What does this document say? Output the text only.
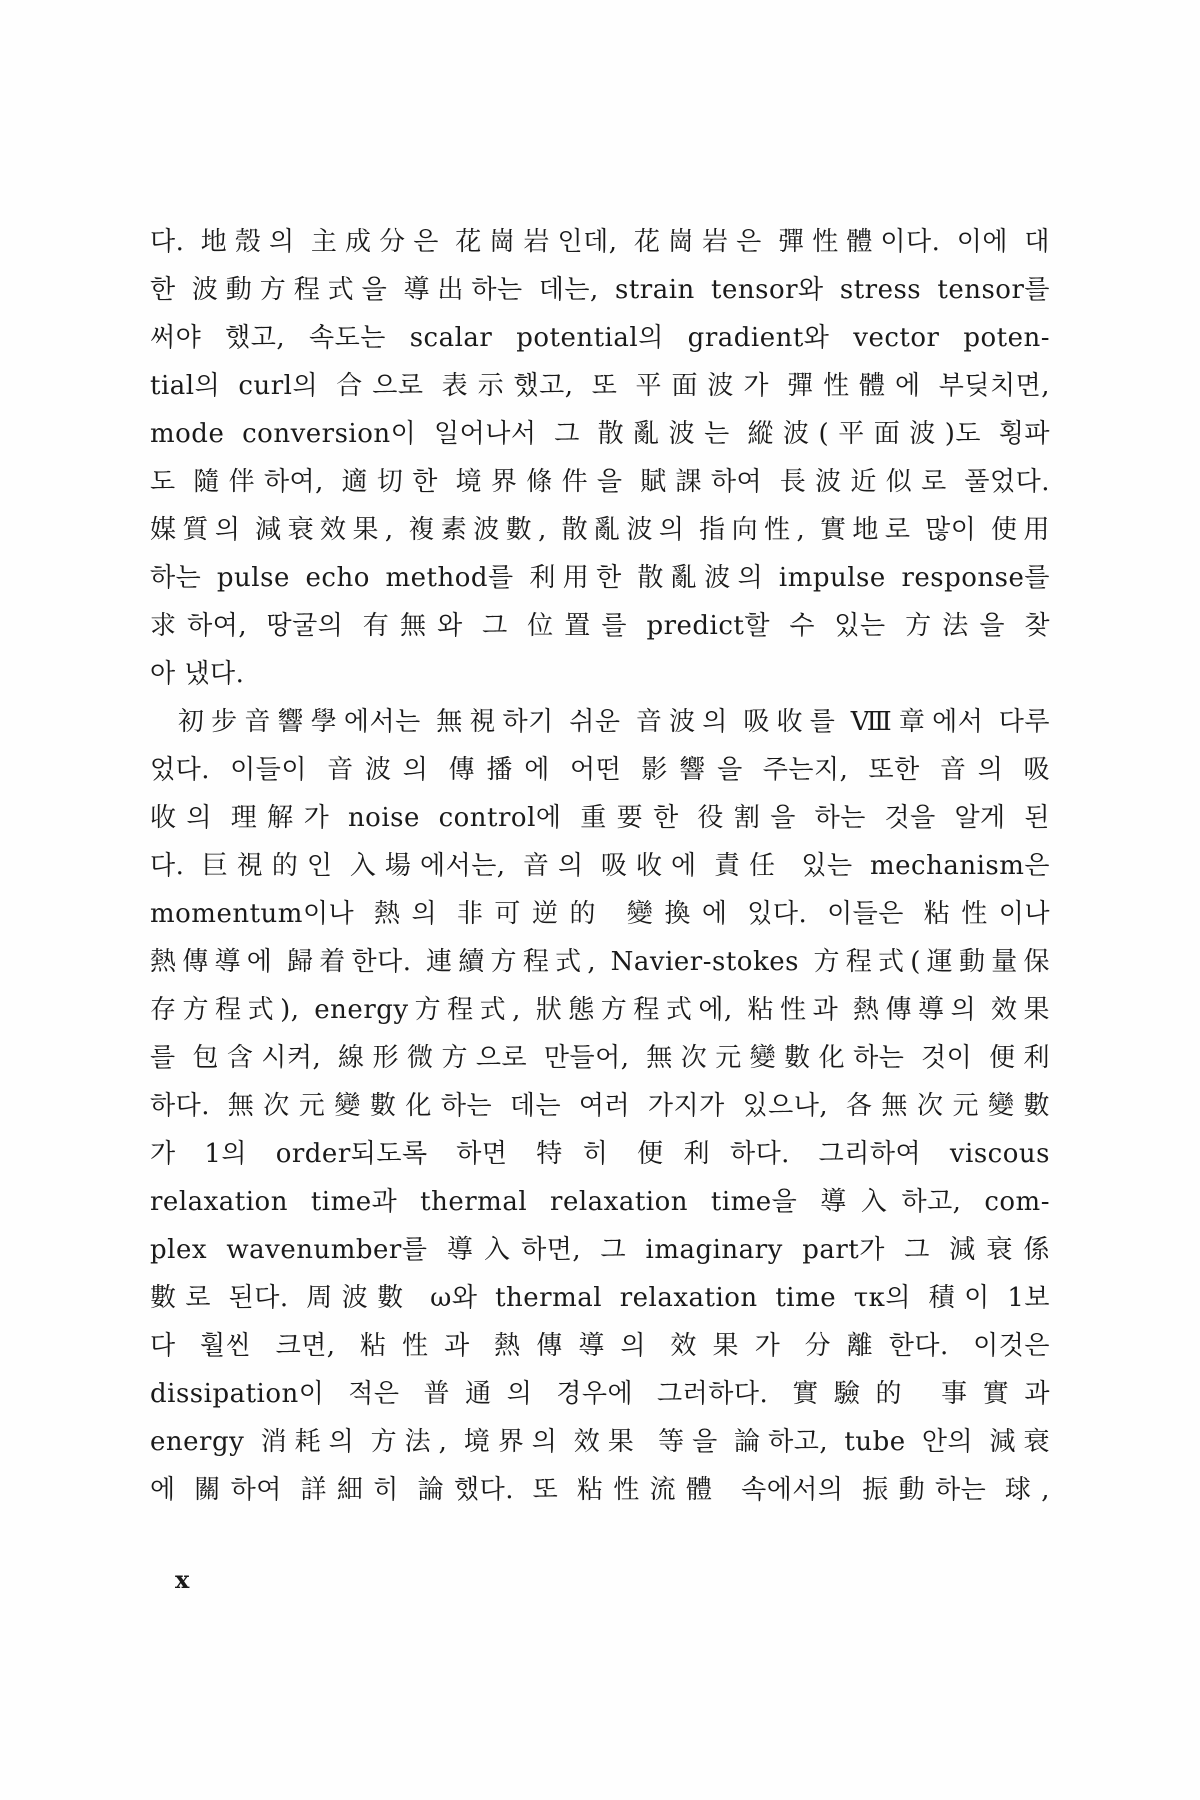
다. 地殼의 主成分은 花崗岩인데, 花崗岩은 彈性體이다. 이에 대
한 波動方程式을 導出하는 데는, strain tensor와 stress tensor를
써야 했고, 속도는 scalar potential의 gradient와 vector poten-
tial의 curl의 合으로 表示했고, 또 平面波가 彈性體에 부딪치면,
mode conversion이 일어나서 그 散亂波는 縱波(平面波)도 횡파
도 隨伴하여, 適切한 境界條件을 賦課하여 長波近似로 풀었다.
媒質의 減衰效果, 複素波數, 散亂波의 指向性, 實地로 많이 使用
하는 pulse echo method를 利用한 散亂波의 impulse response를
求하여, 땅굴의 有無와 그 位置를 predict할 수 있는 方法을 찾
아 냈다.
初步音響學에서는 無視하기 쉬운 音波의 吸收를 Ⅷ章에서 다루
었다. 이들이 音波의 傳播에 어떤 影響을 주는지, 또한 音의 吸
收의 理解가 noise control에 重要한 役割을 하는 것을 알게 된
다. 巨視的인 入場에서는, 音의 吸收에 責任 있는 mechanism은
momentum이나 熱의 非可逆的 變換에 있다. 이들은 粘性이나
熱傳導에 歸着한다. 連續方程式, Navier-stokes 方程式(運動量保
存方程式), energy方程式, 狀態方程式에, 粘性과 熱傳導의 效果
를 包含시켜, 線形微方으로 만들어, 無次元變數化하는 것이 便利
하다. 無次元變數化하는 데는 여러 가지가 있으나, 各無次元變數
가 1의 order되도록 하면 特히 便利하다. 그리하여 viscous
relaxation time과 thermal relaxation time을 導入하고, com-
plex wavenumber를 導入하면, 그 imaginary part가 그 減衰係
數로 된다. 周波數 ω와 thermal relaxation time τκ의 積이 1보
다 훨씬 크면, 粘性과 熱傳導의 效果가 分離한다. 이것은
dissipation이 적은 普通의 경우에 그러하다. 實驗的 事實과
energy 消耗의 方法, 境界의 效果 等을 論하고, tube 안의 減衰
에 關하여 詳細히 論했다. 또 粘性流體 속에서의 振動하는 球,
x
